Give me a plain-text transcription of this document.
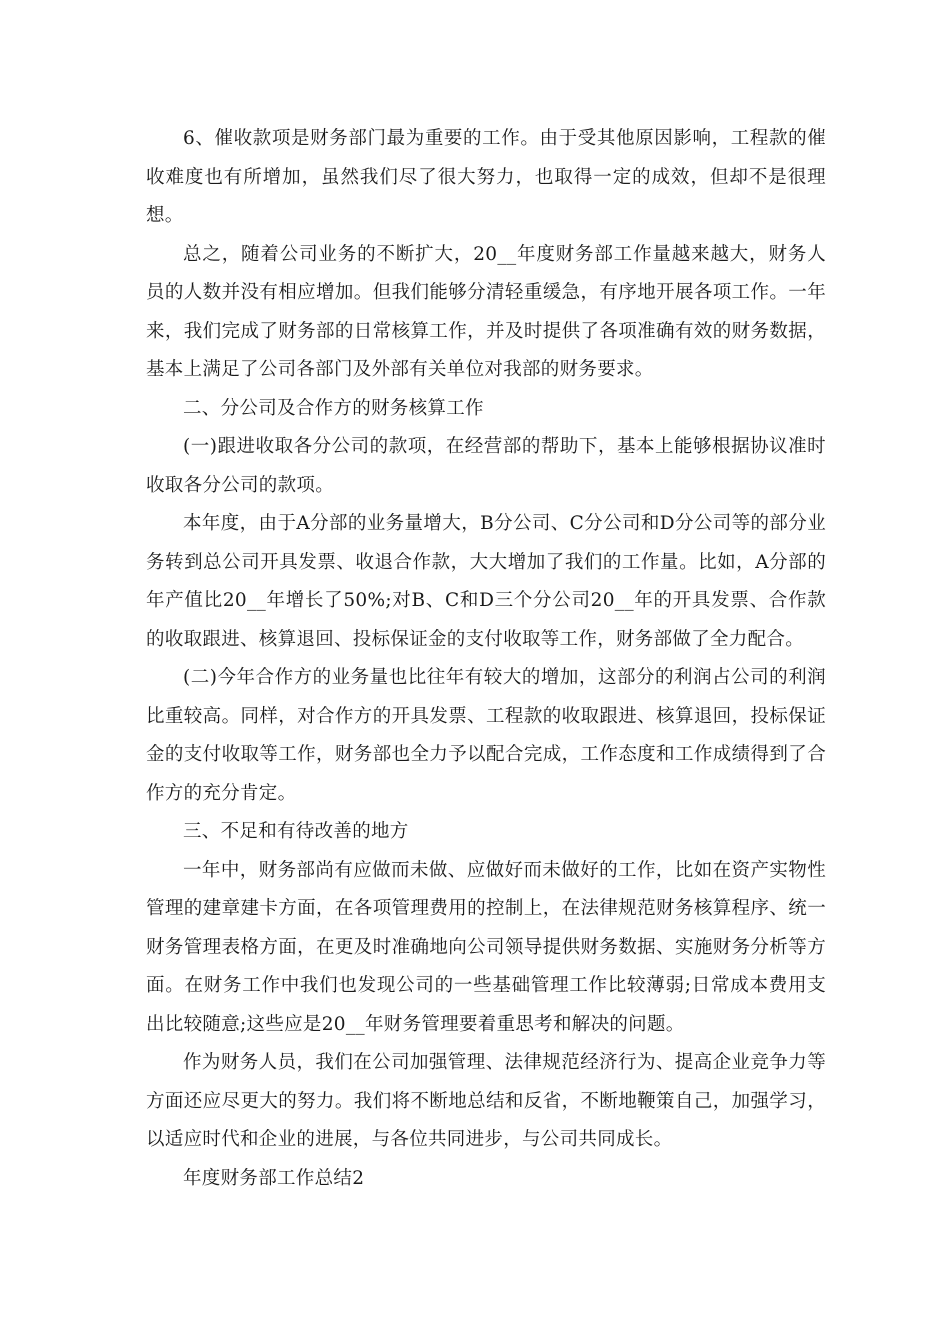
6、催收款项是财务部门最为重要的工作。由于受其他原因影响，工程款的催收难度也有所增加，虽然我们尽了很大努力，也取得一定的成效，但却不是很理想。

总之，随着公司业务的不断扩大，20__年度财务部工作量越来越大，财务人员的人数并没有相应增加。但我们能够分清轻重缓急，有序地开展各项工作。一年来，我们完成了财务部的日常核算工作，并及时提供了各项准确有效的财务数据，基本上满足了公司各部门及外部有关单位对我部的财务要求。

二、分公司及合作方的财务核算工作

(一)跟进收取各分公司的款项，在经营部的帮助下，基本上能够根据协议准时收取各分公司的款项。

本年度，由于A分部的业务量增大，B分公司、C分公司和D分公司等的部分业务转到总公司开具发票、收退合作款，大大增加了我们的工作量。比如，A分部的年产值比20__年增长了50%;对B、C和D三个分公司20__年的开具发票、合作款的收取跟进、核算退回、投标保证金的支付收取等工作，财务部做了全力配合。

(二)今年合作方的业务量也比往年有较大的增加，这部分的利润占公司的利润比重较高。同样，对合作方的开具发票、工程款的收取跟进、核算退回，投标保证金的支付收取等工作，财务部也全力予以配合完成，工作态度和工作成绩得到了合作方的充分肯定。

三、不足和有待改善的地方

一年中，财务部尚有应做而未做、应做好而未做好的工作，比如在资产实物性管理的建章建卡方面，在各项管理费用的控制上，在法律规范财务核算程序、统一财务管理表格方面，在更及时准确地向公司领导提供财务数据、实施财务分析等方面。在财务工作中我们也发现公司的一些基础管理工作比较薄弱;日常成本费用支出比较随意;这些应是20__年财务管理要着重思考和解决的问题。

作为财务人员，我们在公司加强管理、法律规范经济行为、提高企业竞争力等方面还应尽更大的努力。我们将不断地总结和反省，不断地鞭策自己，加强学习，以适应时代和企业的进展，与各位共同进步，与公司共同成长。

年度财务部工作总结2
